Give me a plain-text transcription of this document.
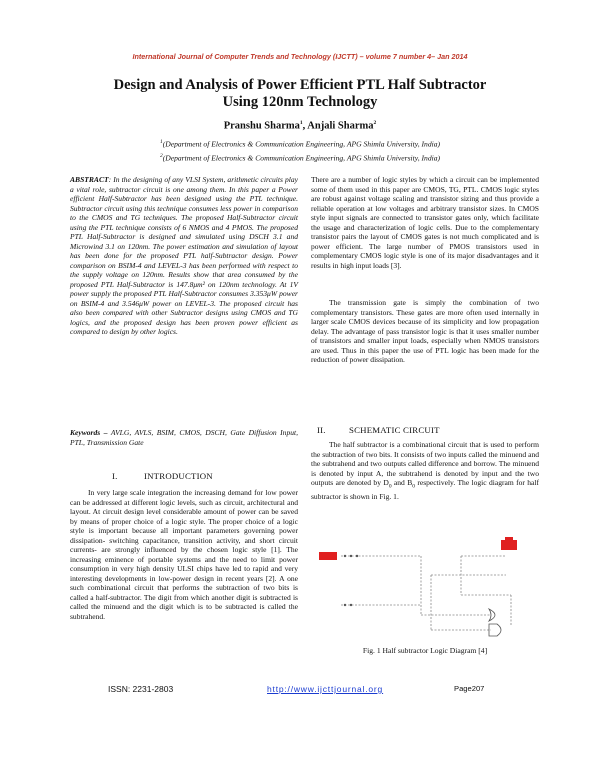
International Journal of Computer Trends and Technology (IJCTT) – volume 7 number 4– Jan 2014
Design and Analysis of Power Efficient PTL Half Subtractor
Using 120nm Technology
Pranshu Sharma$^1$, Anjali Sharma$^2$
$^1$(Department of Electronics & Communication Engineering, APG Shimla University, India)
$^2$(Department of Electronics & Communication Engineering, APG Shimla University, India)

ABSTRACT: In the designing of any VLSI System, arithmetic circuits play a vital role, subtractor circuit is one among them. In this paper a Power efficient Half-Subtractor has been designed using the PTL technique. Subtractor circuit using this technique consumes less power in comparison to the CMOS and TG techniques. The proposed Half-Subtractor circuit using the PTL technique consists of 6 NMOS and 4 PMOS. The proposed PTL Half-Subtractor is designed and simulated using DSCH 3.1 and Microwind 3.1 on 120nm. The power estimation and simulation of layout has been done for the proposed PTL half-Subtractor design. Power comparison on BSIM-4 and LEVEL-3 has been performed with respect to the supply voltage on 120nm. Results show that area consumed by the proposed PTL Half-Subtractor is 147.8μm² on 120nm technology. At 1V power supply the proposed PTL Half-Subtractor consumes 3.353μW power on BSIM-4 and 3.546μW power on LEVEL-3. The proposed circuit has also been compared with other Subtractor designs using CMOS and TG logics, and the proposed design has been proven power efficient as compared to design by other logics.

Keywords – AVLG, AVLS, BSIM, CMOS, DSCH, Gate Diffusion Input, PTL, Transmission Gate

I.	INTRODUCTION

In very large scale integration the increasing demand for low power can be addressed at different logic levels, such as circuit, architectural and layout. At circuit design level considerable amount of power can be saved by means of proper choice of a logic style. The proper choice of a logic style is important because all important parameters governing power dissipation- switching capacitance, transition activity, and short circuit currents- are strongly influenced by the chosen logic style [1]. The increasing eminence of portable systems and the need to limit power consumption in very high density ULSI chips have led to rapid and very interesting developments in low-power design in recent years [2]. A one such combinational circuit that performs the subtraction of two bits is called a half-subtractor. The digit from which another digit is subtracted is called the minuend and the digit which is to be subtracted is called the subtrahend.

There are a number of logic styles by which a circuit can be implemented some of them used in this paper are CMOS, TG, PTL. CMOS logic styles are robust against voltage scaling and transistor sizing and thus provide a reliable operation at low voltages and arbitrary transistor sizes. In CMOS style input signals are connected to transistor gates only, which facilitate the usage and characterization of logic cells. Due to the complementary transistor pairs the layout of CMOS gates is not much complicated and is power efficient. The large number of PMOS transistors used in complementary CMOS logic style is one of its major disadvantages and it results in high input loads [3].

The transmission gate is simply the combination of two complementary transistors. These gates are more often used internally in larger scale CMOS devices because of its simplicity and low propagation delay. The advantage of pass transistor logic is that it uses smaller number of transistors and smaller input loads, especially when NMOS transistors are used. Thus in this paper the use of PTL logic has been made for the reduction of power dissipation.

II.	SCHEMATIC CIRCUIT

The half subtractor is a combinational circuit that is used to perform the subtraction of two bits. It consists of two inputs called the minuend and the subtrahend and two outputs called difference and borrow. The minuend is denoted by input A, the subtrahend is denoted by input and the two outputs are denoted by $D_0$ and $B_0$ respectively. The logic diagram for half subtractor is shown in Fig. 1.

Fig. 1 Half subtractor Logic Diagram [4]
ISSN: 2231-2803	http://www.ijcttjournal.org	Page207
